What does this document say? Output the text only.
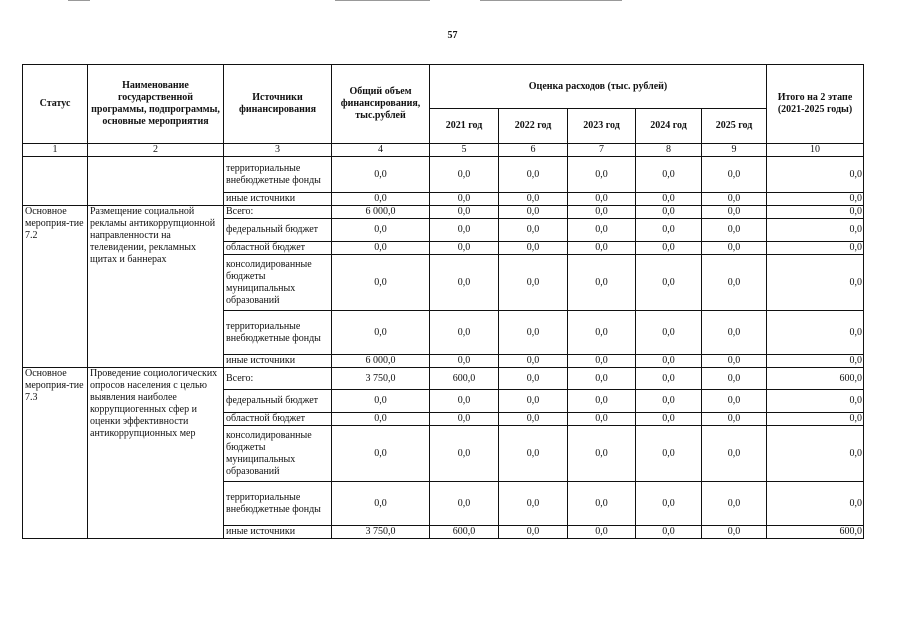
57
Статус	Наименование государственной программы, подпрограммы, основные мероприятия	Источники финансирования	Общий объем финансирования, тыс.рублей	Оценка расходов (тыс. рублей)					Итого на 2 этапе (2021-2025 годы)
				2021 год	2022 год	2023 год	2024 год	2025 год	
1	2	3	4	5	6	7	8	9	10
		территориальные внебюджетные фонды	0,0	0,0	0,0	0,0	0,0	0,0	0,0
		иные источники	0,0	0,0	0,0	0,0	0,0	0,0	0,0
Основное мероприя-тие 7.2	Размещение социальной рекламы антикоррупционной направленности на телевидении, рекламных щитах и баннерах	Всего:	6 000,0	0,0	0,0	0,0	0,0	0,0	0,0
		федеральный бюджет	0,0	0,0	0,0	0,0	0,0	0,0	0,0
		областной бюджет	0,0	0,0	0,0	0,0	0,0	0,0	0,0
		консолидированные бюджеты муниципальных образований	0,0	0,0	0,0	0,0	0,0	0,0	0,0
		территориальные внебюджетные фонды	0,0	0,0	0,0	0,0	0,0	0,0	0,0
		иные источники	6 000,0	0,0	0,0	0,0	0,0	0,0	0,0
Основное мероприя-тие 7.3	Проведение социологических опросов населения с целью выявления наиболее коррупциогенных сфер и оценки эффективности антикоррупционных мер	Всего:	3 750,0	600,0	0,0	0,0	0,0	0,0	600,0
		федеральный бюджет	0,0	0,0	0,0	0,0	0,0	0,0	0,0
		областной бюджет	0,0	0,0	0,0	0,0	0,0	0,0	0,0
		консолидированные бюджеты муниципальных образований	0,0	0,0	0,0	0,0	0,0	0,0	0,0
		территориальные внебюджетные фонды	0,0	0,0	0,0	0,0	0,0	0,0	0,0
		иные источники	3 750,0	600,0	0,0	0,0	0,0	0,0	600,0
